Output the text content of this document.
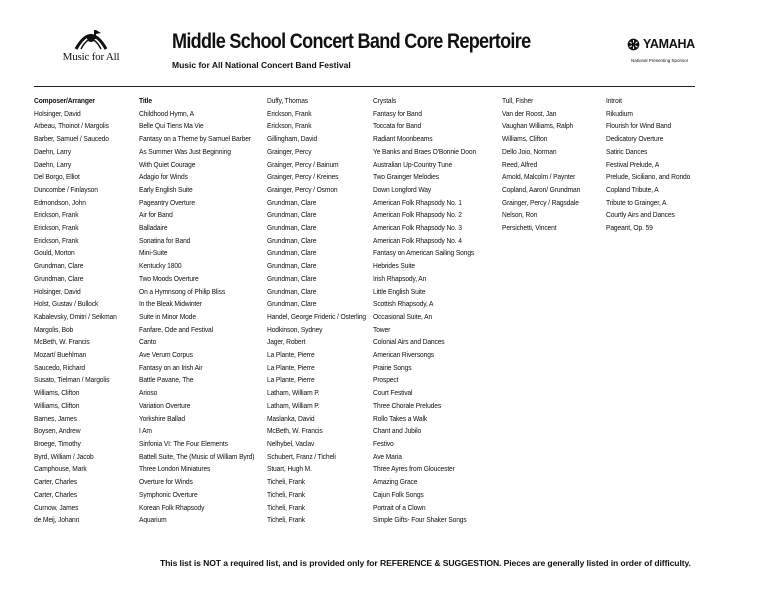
Music for All
Middle School Concert Band Core Repertoire
Music for All National Concert Band Festival
YAMAHA
National Presenting Sponsor
Composer/Arranger
Holsinger, David
Arbeau, Thoinot / Margolis
Barber, Samuel / Saucedo
Daehn, Larry
Daehn, Larry
Del Borgo, Elliot
Duncombe / Finlayson
Edmondson, John
Erickson, Frank
Erickson, Frank
Erickson, Frank
Gould, Morton
Grundman, Clare
Grundman, Clare
Holsinger, David
Holst, Gustav / Bullock
Kabalevsky, Dmitri / Seikman
Margolis, Bob
McBeth, W. Francis
Mozart/ Buehlman
Saucedo, Richard
Susato, Tielman / Margolis
Williams, Clifton
Williams, Clifton
Barnes, James
Boysen, Andrew
Broege, Timothy
Byrd, William / Jacob
Camphouse, Mark
Carter, Charles
Carter, Charles
Curnow, James
de Meij, Johann
Title
Childhood Hymn, A
Belle Qui Tiens Ma Vie
Fantasy on a Theme by Samuel Barber
As Summer Was Just Beginning
With Quiet Courage
Adagio for Winds
Early English Suite
Pageantry Overture
Air for Band
Balladaire
Sonatina for Band
Mini-Suite
Kentucky 1800
Two Moods Overture
On a Hymnsong of Philip Bliss
In the Bleak Midwinter
Suite in Minor Mode
Fanfare, Ode and Festival
Canto
Ave Verum Corpus
Fantasy on an Irish Air
Battle Pavane, The
Arioso
Variation Overture
Yorkshire Ballad
I Am
Sinfonia VI: The Four Elements
Battell Suite, The (Music of William Byrd)
Three London Miniatures
Overture for Winds
Symphonic Overture
Korean Folk Rhapsody
Aquarium
Duffy, Thomas
Erickson, Frank
Erickson, Frank
Gillingham, David
Grainger, Percy
Grainger, Percy / Bainum
Grainger, Percy / Kreines
Grainger, Percy / Osmon
Grundman, Clare
Grundman, Clare
Grundman, Clare
Grundman, Clare
Grundman, Clare
Grundman, Clare
Grundman, Clare
Grundman, Clare
Grundman, Clare
Handel, George Frideric / Osterling
Hodkinson, Sydney
Jager, Robert
La Plante, Pierre
La Plante, Pierre
La Plante, Pierre
Latham, William P.
Latham, William P.
Maslanka, David
McBeth, W. Francis
Nelhybel, Vaclav
Schubert, Franz / Ticheli
Stuart, Hugh M.
Ticheli, Frank
Ticheli, Frank
Ticheli, Frank
Ticheli, Frank
Crystals
Fantasy for Band
Toccata for Band
Radiant Moonbeams
Ye Banks and Braes O'Bonnie Doon
Australian Up-Country Tune
Two Grainger Melodies
Down Longford Way
American Folk Rhapsody No. 1
American Folk Rhapsody No. 2
American Folk Rhapsody No. 3
American Folk Rhapsody No. 4
Fantasy on American Sailing Songs
Hebrides Suite
Irish Rhapsody, An
Little English Suite
Scottish Rhapsody, A
Occasional Suite, An
Tower
Colonial Airs and Dances
American Riversongs
Prairie Songs
Prospect
Court Festival
Three Chorale Preludes
Rollo Takes a Walk
Chant and Jubilo
Festivo
Ave Maria
Three Ayres from Gloucester
Amazing Grace
Cajun Folk Songs
Portrait of a Clown
Simple Gifts- Four Shaker Songs
Tull, Fisher
Van der Roost, Jan
Vaughan Williams, Ralph
Williams, Clifton
Dello Joio, Norman
Reed, Alfred
Arnold, Malcolm / Paynter
Copland, Aaron/ Grundman
Grainger, Percy / Ragsdale
Nelson, Ron
Persichetti, Vincent
Introit
Rikudium
Flourish for Wind Band
Dedicatory Overture
Satiric Dances
Festival Prelude, A
Prelude, Siciliano, and Rondo
Copland Tribute, A
Tribute to Grainger, A
Courtly Airs and Dances
Pageant, Op. 59
This list is NOT a required list, and is provided only for REFERENCE & SUGGESTION. Pieces are generally listed in order of difficulty.
